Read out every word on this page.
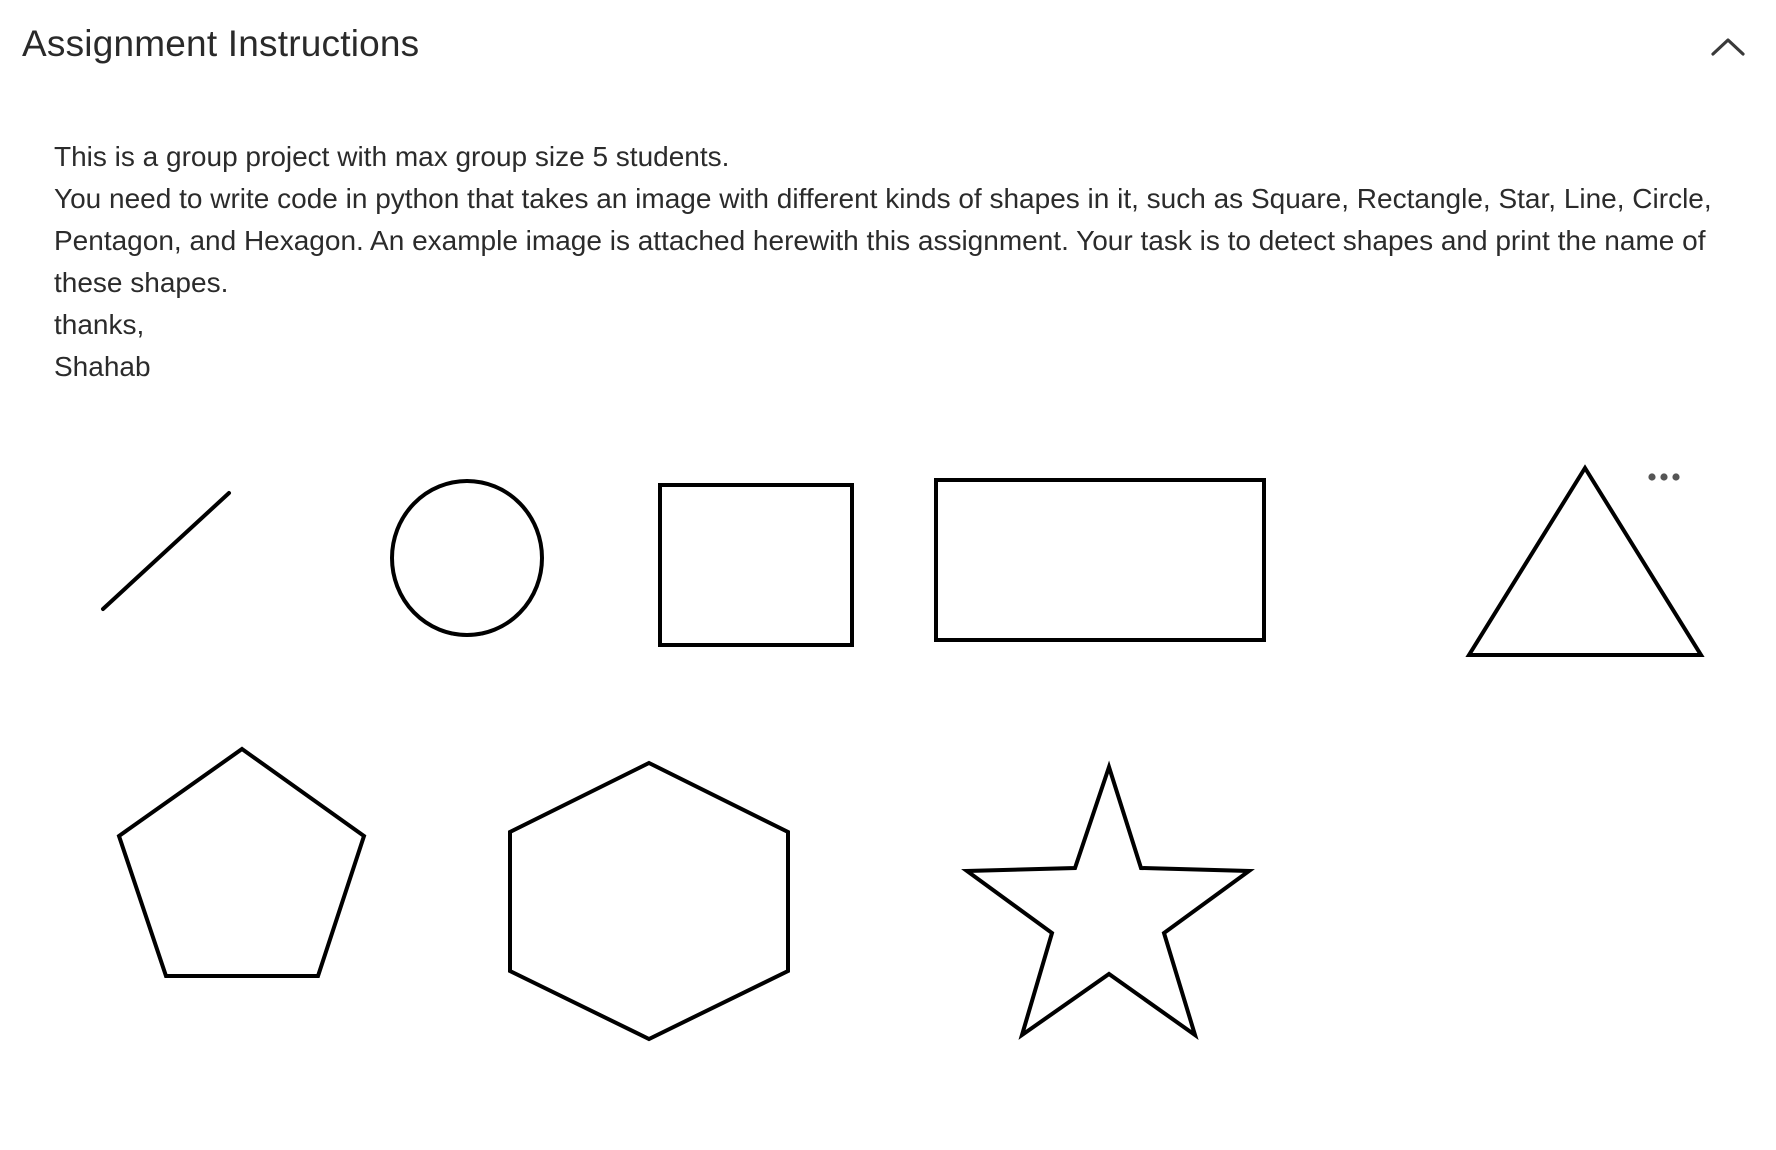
Assignment Instructions

This is a group project with max group size 5 students.

You need to write code in python that takes an image with different kinds of shapes in it, such as Square, Rectangle, Star, Line, Circle, Pentagon, and Hexagon. An example image is attached herewith this assignment. Your task is to detect shapes and print the name of these shapes.

thanks,

Shahab
